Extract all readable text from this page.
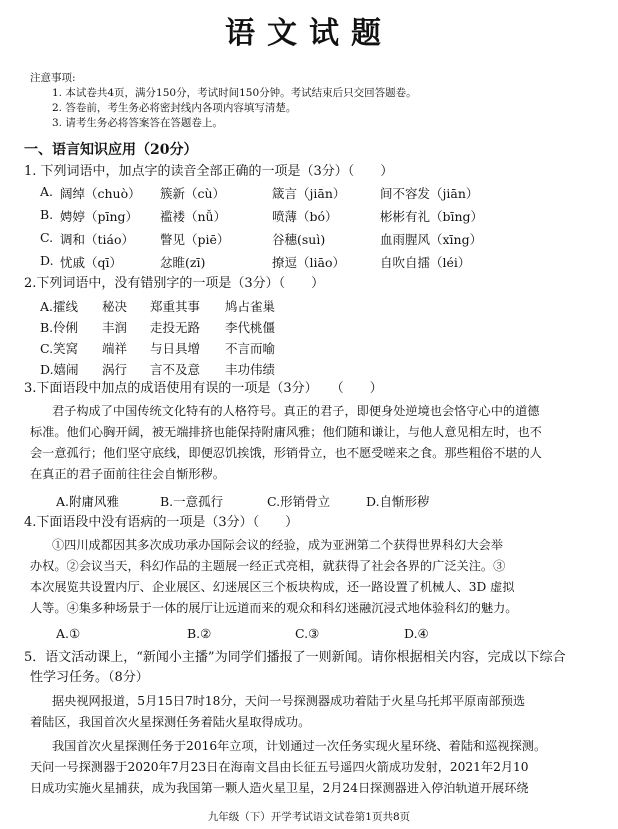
语文试题
注意事项:
1. 本试卷共4页，满分150分，考试时间150分钟。考试结束后只交回答题卷。
2. 答卷前，考生务必将密封线内各项内容填写清楚。
3. 请考生务必将答案答在答题卷上。
一、语言知识应用（20分）
1. 下列词语中，加点字的读音全部正确的一项是（3分）（　　）
A. 阔绰（chuò） 簇新（cù）	箴言（jiān）	间不容发（jiān）
B. 娉婷（pīng） 褴褛（nǚ）	喷薄（bó）	彬彬有礼（bīng）
C. 调和（tiáo） 瞥见（piē）	谷穗(suì)	血雨腥风（xīng）
D. 忧戚（qī）	忿睢(zī)	撩逗（liāo）	自吹自擂（léi）
2.下列词语中，没有错别字的一项是（3分）（　　）
A.攉线 秘决 郑重其事 鸠占雀巢
B.伶俐 丰润 走投无路 李代桃僵
C.笑窝 端祥 与日具增 不言而喻
D.嬉闹 涡行 言不及意 丰功伟绩
3.下面语段中加点的成语使用有误的一项是（3分）　　（　　）
君子构成了中国传统文化特有的人格符号。真正的君子，即便身处逆境也会恪守心中的道德
标准。他们心胸开阔，被无端排挤也能保持附庸风雅；他们随和谦让，与他人意见相左时，也不
会一意孤行；他们坚守底线，即便忍饥挨饿，形销骨立，也不愿受嗟来之食。那些粗俗不堪的人
在真正的君子面前往往会自惭形秽。
A.附庸风雅	B.一意孤行	C.形销骨立	D.自惭形秽
4.下面语段中没有语病的一项是（3分）（　　）
①四川成都因其多次成功承办国际会议的经验，成为亚洲第二个获得世界科幻大会举
办权。②会议当天，科幻作品的主题展一经正式亮相，就获得了社会各界的广泛关注。③
本次展览共设置内厅、企业展区、幻迷展区三个板块构成，还一路设置了机械人、3D 虚拟
人等。④集多种场景于一体的展厅让远道而来的观众和科幻迷融沉浸式地体验科幻的魅力。
A.①	B.②	C.③	D.④
5．语文活动课上，“新闻小主播”为同学们播报了一则新闻。请你根据相关内容，完成以下综合
性学习任务。（8分）
据央视网报道，5月15日7时18分，天问一号探测器成功着陆于火星乌托邦平原南部预选
着陆区，我国首次火星探测任务着陆火星取得成功。
我国首次火星探测任务于2016年立项，计划通过一次任务实现火星环绕、着陆和巡视探测。
天问一号探测器于2020年7月23日在海南文昌由长征五号遥四火箭成功发射，2021年2月10
日成功实施火星捕获，成为我国第一颗人造火星卫星，2月24日探测器进入停泊轨道开展环绕
九年级（下）开学考试语文试卷第1页共8页
